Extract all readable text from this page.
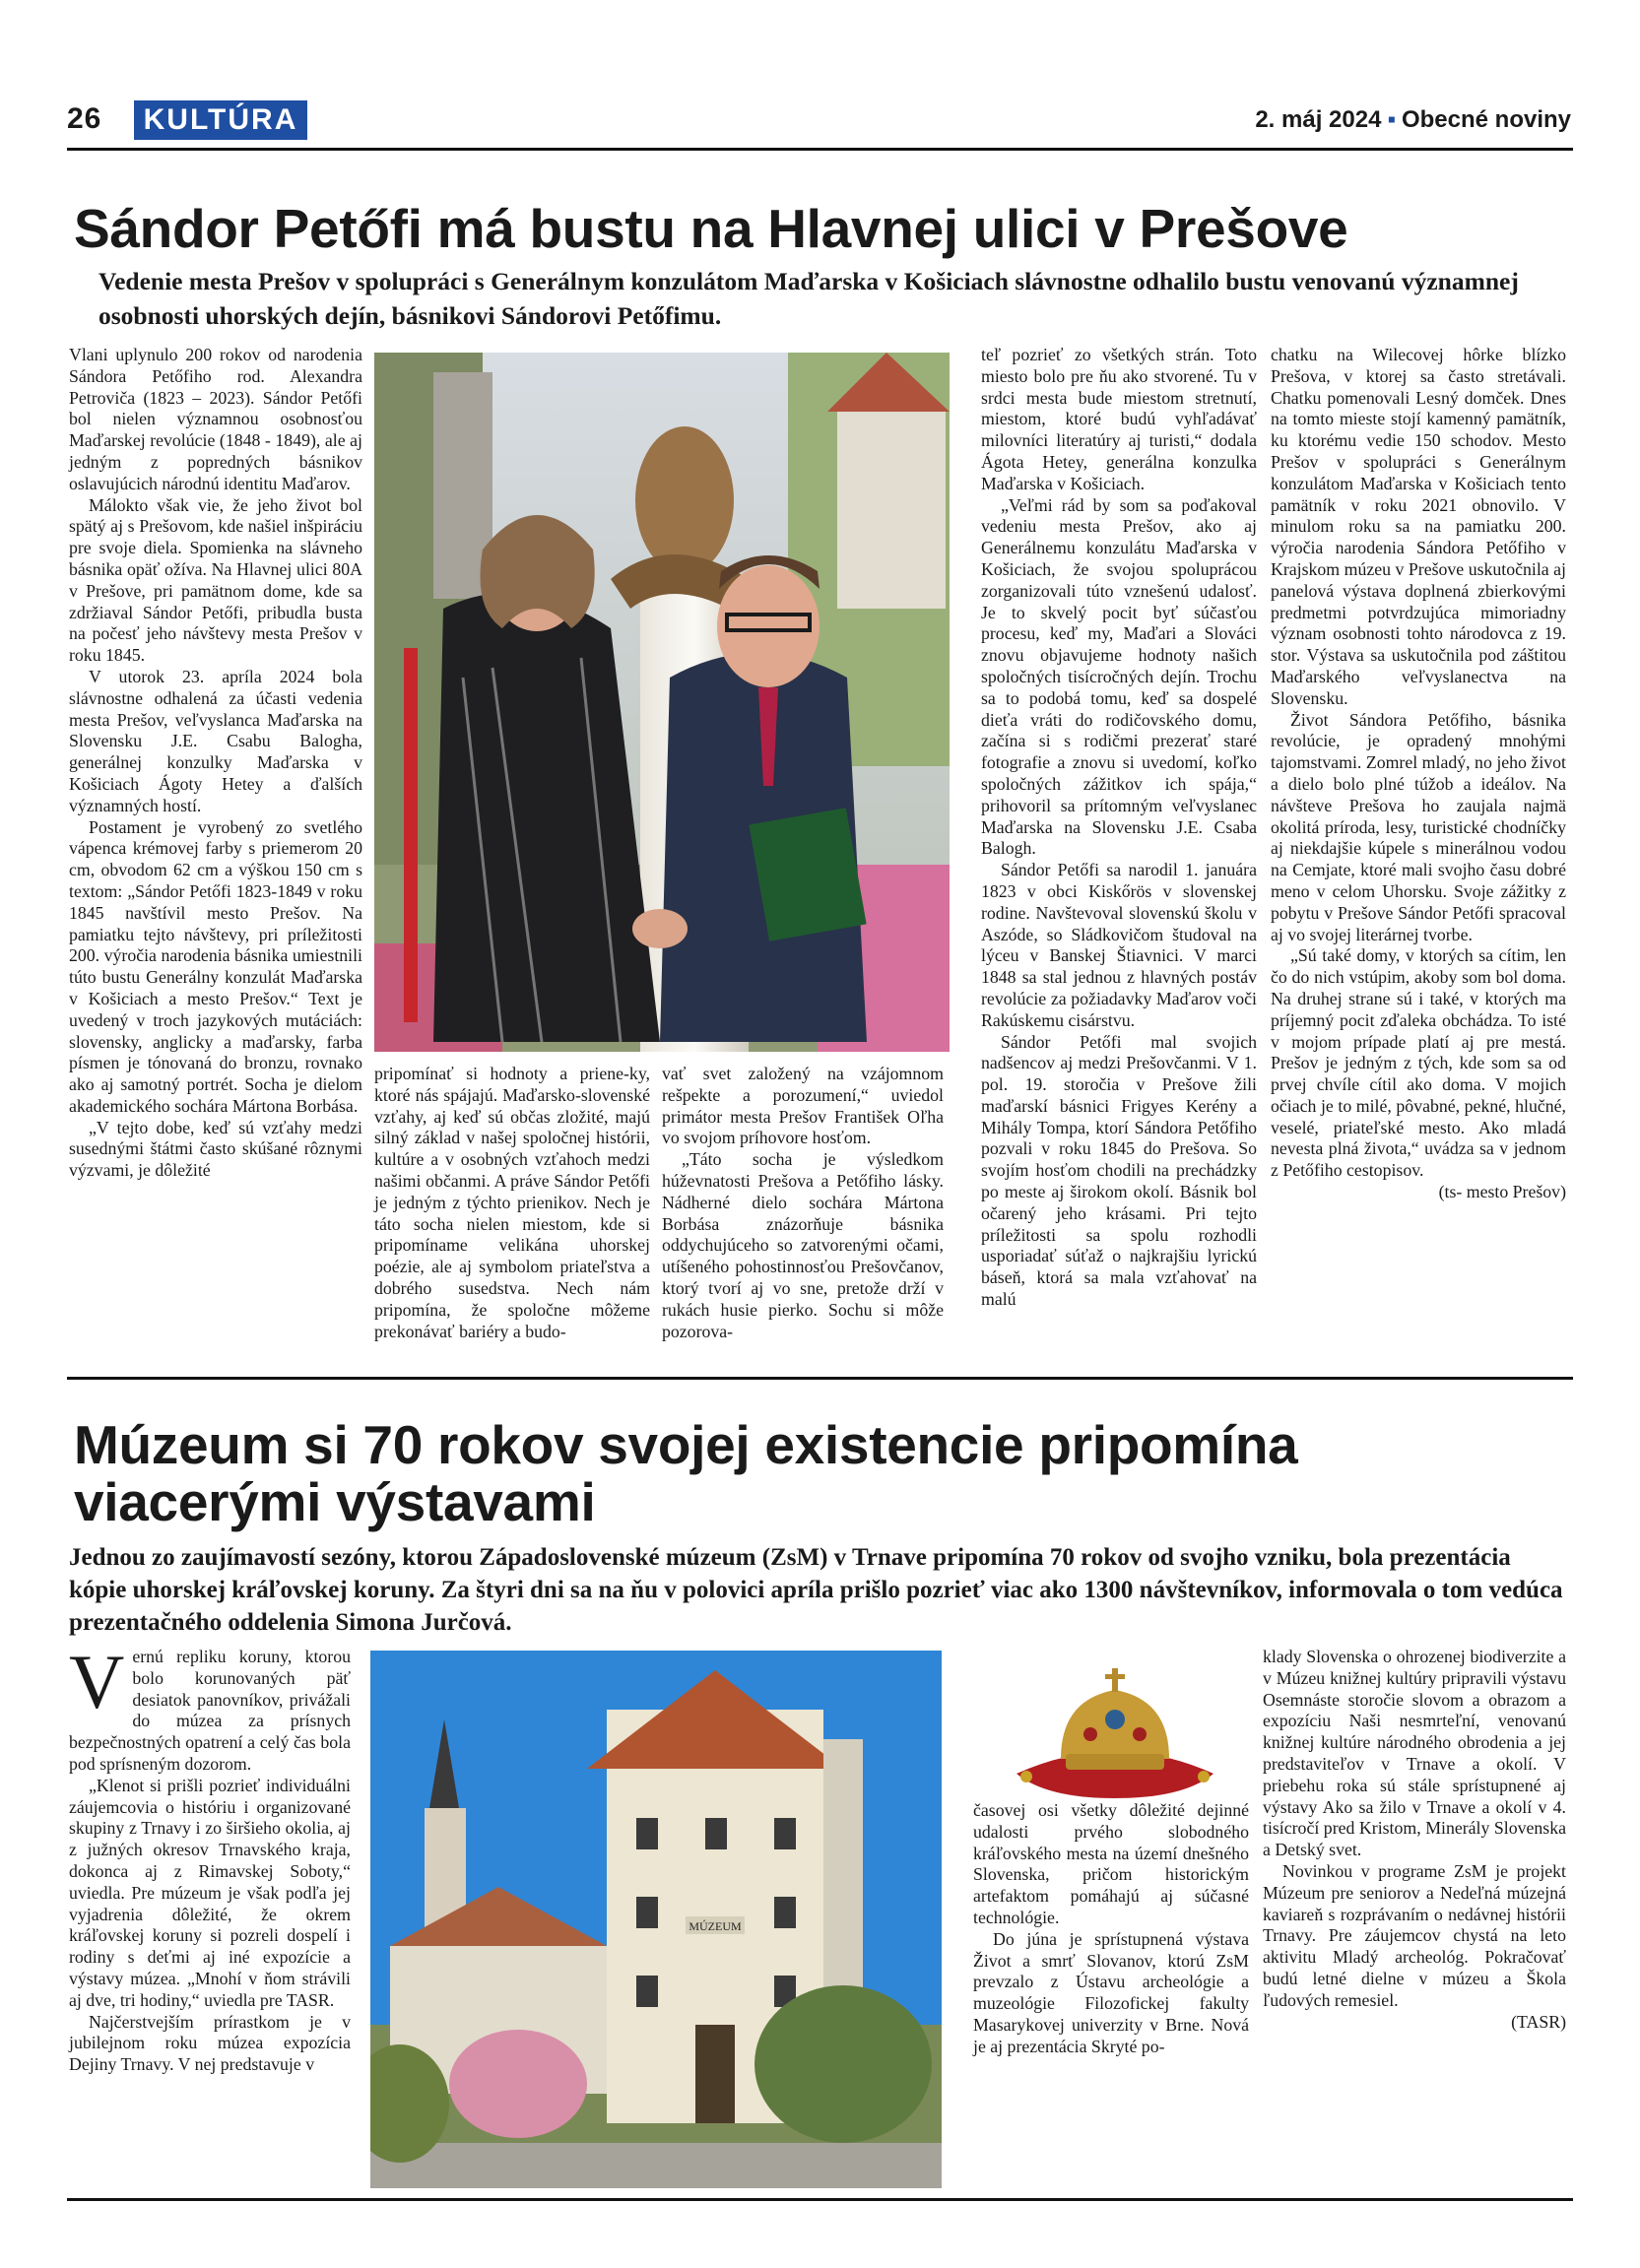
26	KULTÚRA	2. máj 2024 ▪ Obecné noviny
Sándor Petőfi má bustu na Hlavnej ulici v Prešove

Vedenie mesta Prešov v spolupráci s Generálnym konzulátom Maďarska v Košiciach slávnostne odhalilo bustu venovanú významnej osobnosti uhorských dejín, básnikovi Sándorovi Petőfimu.

Vlani uplynulo 200 rokov od narodenia Sándora Petőfiho rod. Alexandra Petroviča (1823 – 2023). Sándor Petőfi bol nielen významnou osobnosťou Maďarskej revolúcie (1848 - 1849), ale aj jedným z popredných básnikov oslavujúcich národnú identitu Maďarov.

Málokto však vie, že jeho život bol spätý aj s Prešovom, kde našiel inšpiráciu pre svoje diela. Spomienka na slávneho básnika opäť ožíva. Na Hlavnej ulici 80A v Prešove, pri pamätnom dome, kde sa zdržiaval Sándor Petőfi, pribudla busta na počesť jeho návštevy mesta Prešov v roku 1845.

V utorok 23. apríla 2024 bola slávnostne odhalená za účasti vedenia mesta Prešov, veľvyslanca Maďarska na Slovensku J.E. Csabu Balogha, generálnej konzulky Maďarska v Košiciach Ágoty Hetey a ďalších významných hostí.

Postament je vyrobený zo svetlého vápenca krémovej farby s priemerom 20 cm, obvodom 62 cm a výškou 150 cm s textom: „Sándor Petőfi 1823-1849 v roku 1845 navštívil mesto Prešov. Na pamiatku tejto návštevy, pri príležitosti 200. výročia narodenia básnika umiestnili túto bustu Generálny konzulát Maďarska v Košiciach a mesto Prešov.“ Text je uvedený v troch jazykových mutáciách: slovensky, anglicky a maďarsky, farba písmen je tónovaná do bronzu, rovnako ako aj samotný portrét. Socha je dielom akademického sochára Mártona Borbása.

„V tejto dobe, keď sú vzťahy medzi susednými štátmi často skúšané rôznymi výzvami, je dôležité

pripomínať si hodnoty a priene-ky, ktoré nás spájajú. Maďarsko-slovenské vzťahy, aj keď sú občas zložité, majú silný základ v našej spoločnej histórii, kultúre a v osobných vzťahoch medzi našimi občanmi. A práve Sándor Petőfi je jedným z týchto prienikov. Nech je táto socha nielen miestom, kde si pripomíname velikána uhorskej poézie, ale aj symbolom priateľstva a dobrého susedstva. Nech nám pripomína, že spoločne môžeme prekonávať bariéry a budo-

vať svet založený na vzájomnom rešpekte a porozumení,“ uviedol primátor mesta Prešov František Oľha vo svojom príhovore hosťom.

„Táto socha je výsledkom húževnatosti Prešova a Petőfiho lásky. Nádherné dielo sochára Mártona Borbása znázorňuje básnika oddychujúceho so zatvorenými očami, utíšeného pohostinnosťou Prešovčanov, ktorý tvorí aj vo sne, pretože drží v rukách husie pierko. Sochu si môže pozorova-

teľ pozrieť zo všetkých strán. Toto miesto bolo pre ňu ako stvorené. Tu v srdci mesta bude miestom stretnutí, miestom, ktoré budú vyhľadávať milovníci literatúry aj turisti,“ dodala Ágota Hetey, generálna konzulka Maďarska v Košiciach.

„Veľmi rád by som sa poďakoval vedeniu mesta Prešov, ako aj Generálnemu konzulátu Maďarska v Košiciach, že svojou spoluprácou zorganizovali túto vznešenú udalosť. Je to skvelý pocit byť súčasťou procesu, keď my, Maďari a Slováci znovu objavujeme hodnoty našich spoločných tisícročných dejín. Trochu sa to podobá tomu, keď sa dospelé dieťa vráti do rodičovského domu, začína si s rodičmi prezerať staré fotografie a znovu si uvedomí, koľko spoločných zážitkov ich spája,“ prihovoril sa prítomným veľvyslanec Maďarska na Slovensku J.E. Csaba Balogh.

Sándor Petőfi sa narodil 1. januára 1823 v obci Kiskőrös v slovenskej rodine. Navštevoval slovenskú školu v Aszóde, so Sládkovičom študoval na lýceu v Banskej Štiavnici. V marci 1848 sa stal jednou z hlavných postáv revolúcie za požiadavky Maďarov voči Rakúskemu cisárstvu.

Sándor Petőfi mal svojich nadšencov aj medzi Prešovčanmi. V 1. pol. 19. storočia v Prešove žili maďarskí básnici Frigyes Kerény a Mihály Tompa, ktorí Sándora Petőfiho pozvali v roku 1845 do Prešova. So svojím hosťom chodili na prechádzky po meste aj širokom okolí. Básnik bol očarený jeho krásami. Pri tejto príležitosti sa spolu rozhodli usporiadať súťaž o najkrajšiu lyrickú báseň, ktorá sa mala vzťahovať na malú

chatku na Wilecovej hôrke blízko Prešova, v ktorej sa často stretávali. Chatku pomenovali Lesný domček. Dnes na tomto mieste stojí kamenný pamätník, ku ktorému vedie 150 schodov. Mesto Prešov v spolupráci s Generálnym konzulátom Maďarska v Košiciach tento pamätník v roku 2021 obnovilo. V minulom roku sa na pamiatku 200. výročia narodenia Sándora Petőfiho v Krajskom múzeu v Prešove uskutočnila aj panelová výstava doplnená zbierkovými predmetmi potvrdzujúca mimoriadny význam osobnosti tohto národovca z 19. stor. Výstava sa uskutočnila pod záštitou Maďarského veľvyslanectva na Slovensku.

Život Sándora Petőfiho, básnika revolúcie, je opradený mnohými tajomstvami. Zomrel mladý, no jeho život a dielo bolo plné túžob a ideálov. Na návšteve Prešova ho zaujala najmä okolitá príroda, lesy, turistické chodníčky aj niekdajšie kúpele s minerálnou vodou na Cemjate, ktoré mali svojho času dobré meno v celom Uhorsku. Svoje zážitky z pobytu v Prešove Sándor Petőfi spracoval aj vo svojej literárnej tvorbe.

„Sú také domy, v ktorých sa cítim, len čo do nich vstúpim, akoby som bol doma. Na druhej strane sú i také, v ktorých ma príjemný pocit zďaleka obchádza. To isté v mojom prípade platí aj pre mestá. Prešov je jedným z tých, kde som sa od prvej chvíle cítil ako doma. V mojich očiach je to milé, pôvabné, pekné, hlučné, veselé, priateľské mesto. Ako mladá nevesta plná života,“ uvádza sa v jednom z Petőfiho cestopisov.

(ts- mesto Prešov)

Múzeum si 70 rokov svojej existencie pripomína viacerými výstavami

Jednou zo zaujímavostí sezóny, ktorou Západoslovenské múzeum (ZsM) v Trnave pripomína 70 rokov od svojho vzniku, bola prezentácia kópie uhorskej kráľovskej koruny. Za štyri dni sa na ňu v polovici apríla prišlo pozrieť viac ako 1300 návštevníkov, informovala o tom vedúca prezentačného oddelenia Simona Jurčová.

Vernú repliku koruny, ktorou bolo korunovaných päť desiatok panovníkov, privážali do múzea za prísnych bezpečnostných opatrení a celý čas bola pod sprísneným dozorom.

„Klenot si prišli pozrieť individuálni záujemcovia o históriu i organizované skupiny z Trnavy i zo širšieho okolia, aj z južných okresov Trnavského kraja, dokonca aj z Rimavskej Soboty,“ uviedla. Pre múzeum je však podľa jej vyjadrenia dôležité, že okrem kráľovskej koruny si pozreli dospelí i rodiny s deťmi aj iné expozície a výstavy múzea. „Mnohí v ňom strávili aj dve, tri hodiny,“ uviedla pre TASR.

Najčerstvejším prírastkom je v jubilejnom roku múzea expozícia Dejiny Trnavy. V nej predstavuje v

MÚZEUM

časovej osi všetky dôležité dejinné udalosti prvého slobodného kráľovského mesta na území dnešného Slovenska, pričom historickým artefaktom pomáhajú aj súčasné technológie.

Do júna je sprístupnená výstava Život a smrť Slovanov, ktorú ZsM prevzalo z Ústavu archeológie a muzeológie Filozofickej fakulty Masarykovej univerzity v Brne. Nová je aj prezentácia Skryté po-

klady Slovenska o ohrozenej biodiverzite a v Múzeu knižnej kultúry pripravili výstavu Osemnáste storočie slovom a obrazom a expozíciu Naši nesmrteľní, venovanú knižnej kultúre národného obrodenia a jej predstaviteľov v Trnave a okolí. V priebehu roka sú stále sprístupnené aj výstavy Ako sa žilo v Trnave a okolí v 4. tisícročí pred Kristom, Minerály Slovenska a Detský svet.

Novinkou v programe ZsM je projekt Múzeum pre seniorov a Nedeľná múzejná kaviareň s rozprávaním o nedávnej histórii Trnavy. Pre záujemcov chystá na leto aktivitu Mladý archeológ. Pokračovať budú letné dielne v múzeu a Škola ľudových remesiel.

(TASR)
